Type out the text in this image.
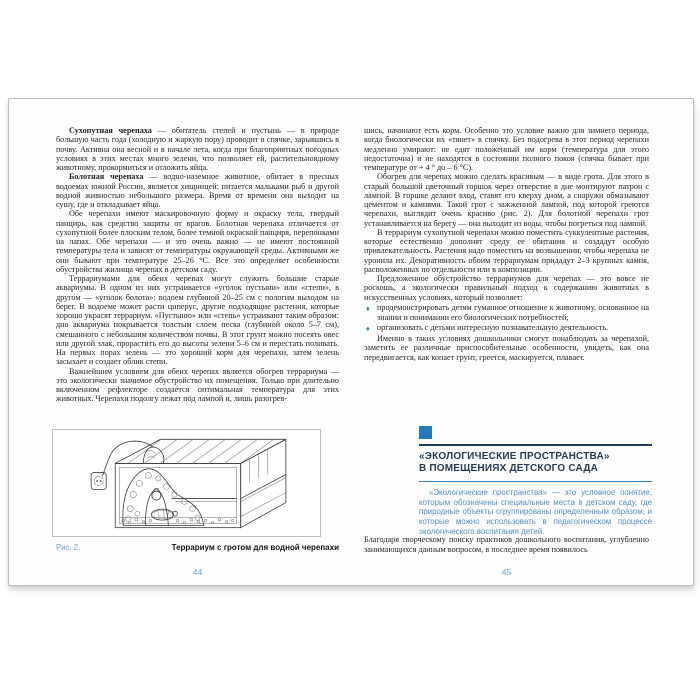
Сухопутная черепаха — обитатель степей и пустынь — в природе большую часть года (холодную и жаркую пору) проводит в спячке, зарывшись в почву. Активна она весной и в начале лета, когда при благоприятных погодных условиях в этих местах много зелени, что позволяет ей, растительноядному животному, прокормиться и отложить яйца.

Болотная черепаха — водно-наземное животное, обитает в пресных водоемах южной России, является хищницей: питается мальками рыб и другой водной живностью небольшого размера. Время от времени она выходит на сушу, где и откладывает яйца.

Обе черепахи имеют маскировочную форму и окраску тела, твердый панцирь, как средство защиты от врагов. Болотная черепаха отличается от сухопутной более плоским телом, более темной окраской панциря, перепонками на лапах. Обе черепахи — и это очень важно — не имеют постоянной температуры тела и зависят от температуры окружающей среды. Активными же они бывают при температуре 25–26 °C. Все это определяет особенности обустройства жилища черепах в детском саду.

Террариумами для обеих черепах могут служить большие старые аквариумы. В одном из них устраивается «уголок пустыни» или «степи», в другом — «уголок болота»: водоем глубиной 20–25 см с пологим выходом на берег. В водоеме может расти циперус, другие подходящие растения, которые хорошо украсят террариум. «Пустыню» или «степь» устраивают таким образом: дно аквариума покрывается толстым слоем песка (глубиной около 5–7 см), смешанного с небольшим количеством почвы. В этот грунт можно посеять овес или другой злак, прорастить его до высоты зелени 5–6 см и перестать поливать. На первых порах зелень — это хороший корм для черепахи, затем зелень засыхает и создает облик степи.

Важнейшим условием для обеих черепах является обогрев террариума — это экологически значимое обустройство их помещения. Только при длительно включенном рефлекторе создается оптимальная температура для этих животных. Черепахи подолгу лежат под лампой и, лишь разогрев-

Рис. 2.	Террариум с гротом для водной черепахи
44

шись, начинают есть корм. Особенно это условие важно для зимнего периода, когда биологически их «тянет» в спячку. Без подогрева в этот период черепахи медленно умирают: не едят положенный им корм (температура для этого недостаточна) и не находятся в состоянии полного покоя (спячка бывает при температуре от + 4 ° до – 6 °C).

Обогрев для черепах можно сделать красивым — в виде грота. Для этого в старый большой цветочный горшок через отверстие в дне монтируют патрон с лампой. В горшке делают вход, ставят его кверху дном, а снаружи обмазывают цементом и камнями. Такой грот с зажженной лампой, под которой греются черепахи, выглядит очень красиво (рис. 2). Для болотной черепахи грот устанавливается на берегу — она выходит из воды, чтобы погреться под лампой.

В террариум сухопутной черепахи можно поместить суккулентные растения, которые естественно дополнят среду ее обитания и создадут особую привлекательность. Растения надо поместить на возвышении, чтобы черепаха не уронила их. Декоративность обоим террариумам придадут 2–3 крупных камня, расположенных по отдельности или в композиции.

Предложенное обустройство террариумов для черепах — это вовсе не роскошь, а экологически правильный подход к содержанию животных в искусственных условиях, который позволяет:

♦ продемонстрировать детям гуманное отношение к животному, основанное на знании и понимании его биологических потребностей;
♦ организовать с детьми интересную познавательную деятельность.

Именно в таких условиях дошкольники смогут понаблюдать за черепахой, заметить ее различные приспособительные особенности, увидеть, как она передвигается, как копает грунт, греется, маскируется, плавает.

«ЭКОЛОГИЧЕСКИЕ ПРОСТРАНСТВА»
В ПОМЕЩЕНИЯХ ДЕТСКОГО САДА

«Экологические пространства» — это условное понятие, которым обозначены специальные места в детском саду, где природные объекты сгруппированы определенным образом, и которые можно использовать в педагогическом процессе экологического воспитания детей.

Благодаря творческому поиску практиков дошкольного воспитания, углубленно занимающихся данным вопросом, в последнее время появилось

45
